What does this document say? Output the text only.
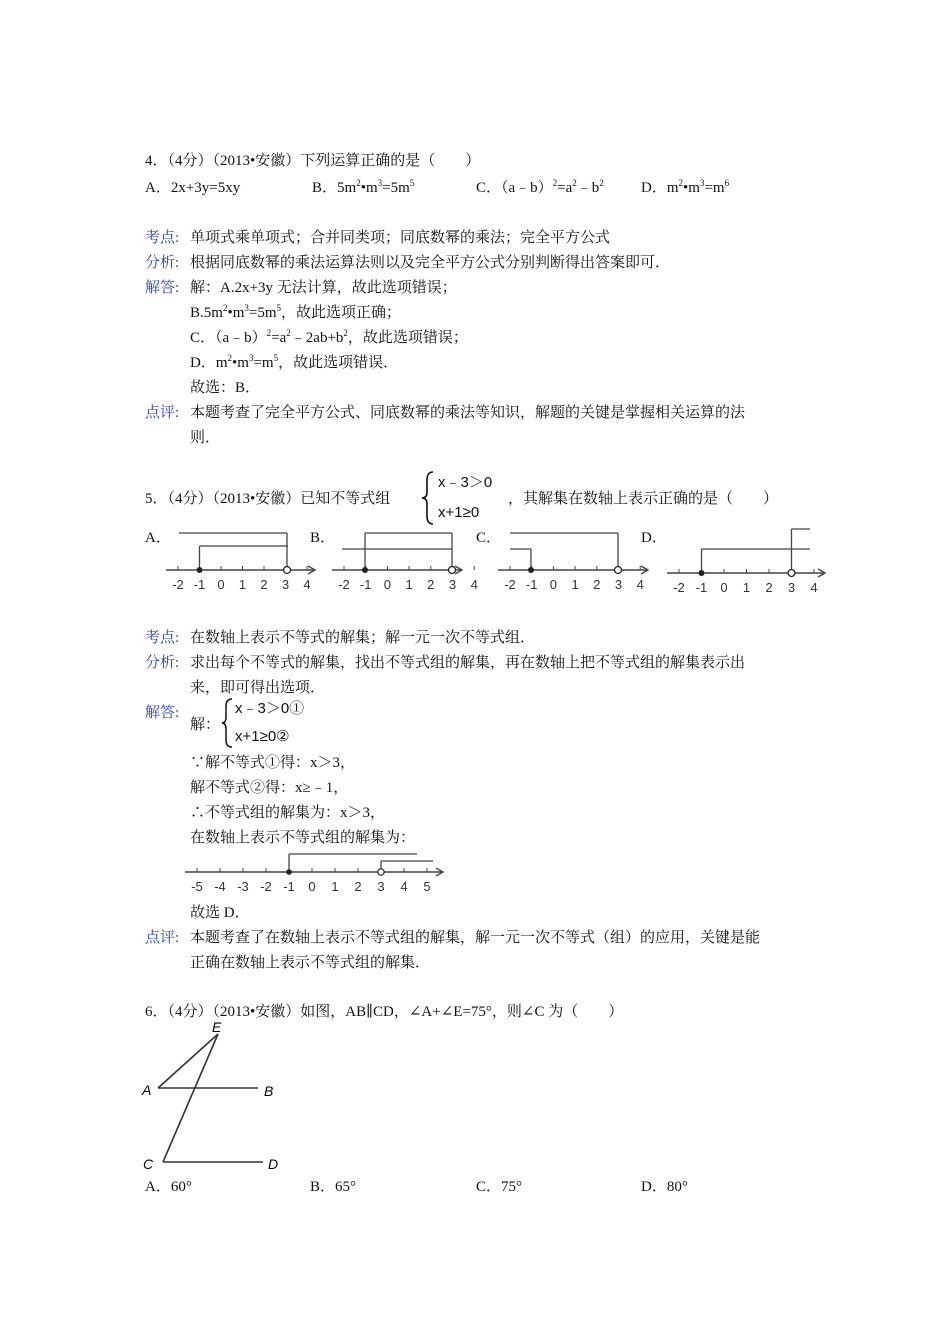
4．（4分）（2013•安徽）下列运算正确的是（　　）
A．2x+3y=5xy	B．$5m^2•m^3=5m^5$	C．$(a﹣b)^2=a^2﹣b^2$ D．$m^2•m^3=m^6$
考点: 单项式乘单项式；合并同类项；同底数幂的乘法；完全平方公式
分析: 根据同底数幂的乘法运算法则以及完全平方公式分别判断得出答案即可．
解答: 解：A.2x+3y 无法计算，故此选项错误；
$B.5m^2•m^3=5m^5$，故此选项正确；
C．$(a﹣b)^2=a^2﹣2ab+b^2$，故此选项错误；
D．$m^2•m^3=m^5$，故此选项错误．
故选：B．
点评: 本题考查了完全平方公式、同底数幂的乘法等知识，解题的关键是掌握相关运算的法
则．
5．（4分）（2013•安徽）已知不等式组
x﹣3＞0
x+1≥0
，其解集在数轴上表示正确的是（　　）
A．	B．	C．	D．
-2 -1 0 1 2 3 4 -2 -1 0 1 2 3 4 -2 -1 0 1 2 3 4 -2 -1 0 1 2 3 4
考点: 在数轴上表示不等式的解集；解一元一次不等式组．
分析: 求出每个不等式的解集，找出不等式组的解集，再在数轴上把不等式组的解集表示出
来，即可得出选项．
解答:
解：
x﹣3＞0①
x+1≥0②
∵解不等式①得：x＞3，
解不等式②得：x≥﹣1，
∴不等式组的解集为：x＞3，
在数轴上表示不等式组的解集为：
-5 -4 -3 -2 -1 0 1 2 3 4 5
故选 D．
点评: 本题考查了在数轴上表示不等式组的解集，解一元一次不等式（组）的应用，关键是能
正确在数轴上表示不等式组的解集．
6．（4分）（2013•安徽）如图，AB∥CD，∠A+∠E=75°，则∠C 为（　　）
E
A	B
C	D
A．60°	B．65°	C．75°	D．80°
